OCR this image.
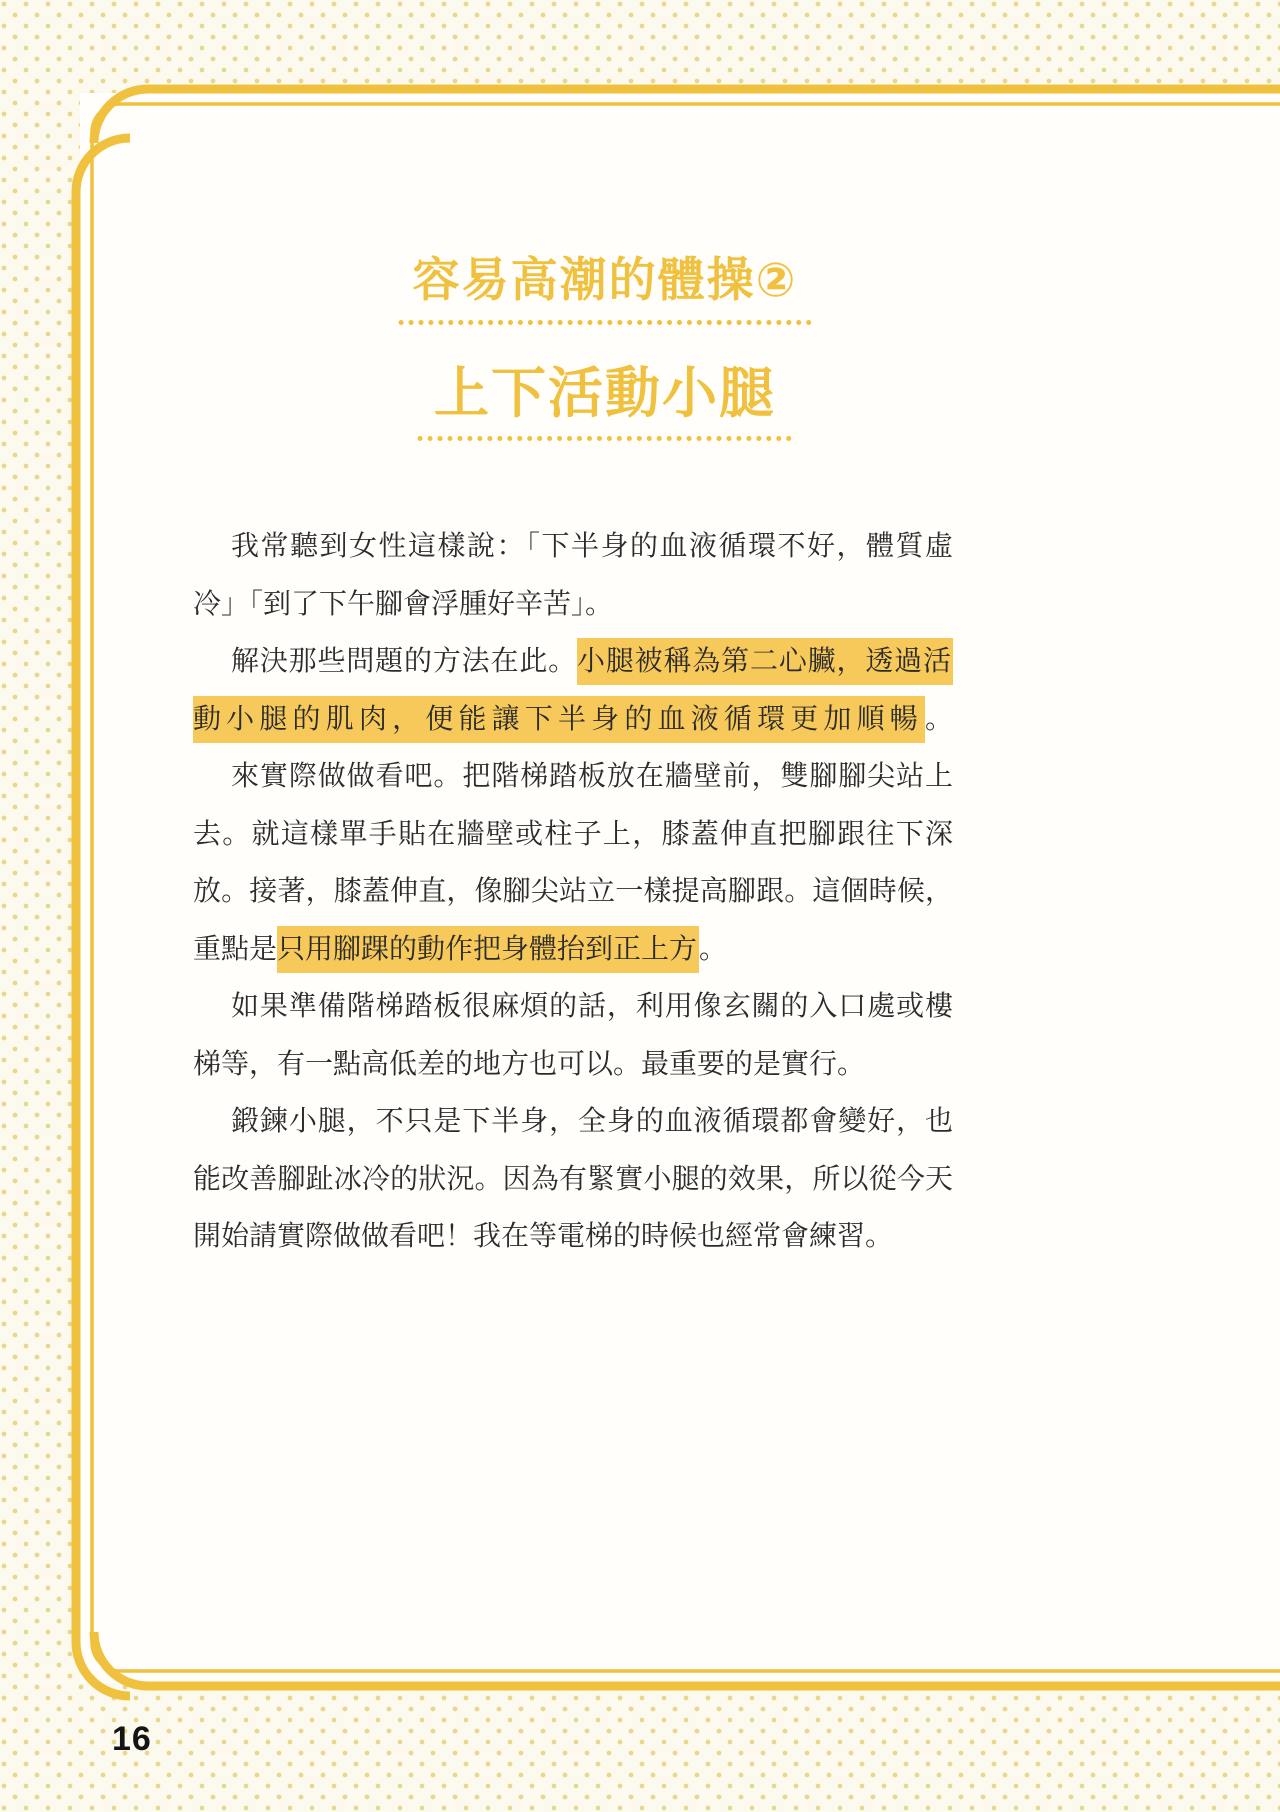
容易高潮的體操②
上下活動小腿
我常聽到女性這樣說：「下半身的血液循環不好，體質虛
冷」「到了下午腳會浮腫好辛苦」。
解決那些問題的方法在此。小腿被稱為第二心臟，透過活
動小腿的肌肉，便能讓下半身的血液循環更加順暢。
來實際做做看吧。把階梯踏板放在牆壁前，雙腳腳尖站上
去。就這樣單手貼在牆壁或柱子上，膝蓋伸直把腳跟往下深
放。接著，膝蓋伸直，像腳尖站立一樣提高腳跟。這個時候，
重點是只用腳踝的動作把身體抬到正上方。
如果準備階梯踏板很麻煩的話，利用像玄關的入口處或樓
梯等，有一點高低差的地方也可以。最重要的是實行。
鍛鍊小腿，不只是下半身，全身的血液循環都會變好，也
能改善腳趾冰冷的狀況。因為有緊實小腿的效果，所以從今天
開始請實際做做看吧！我在等電梯的時候也經常會練習。
16
